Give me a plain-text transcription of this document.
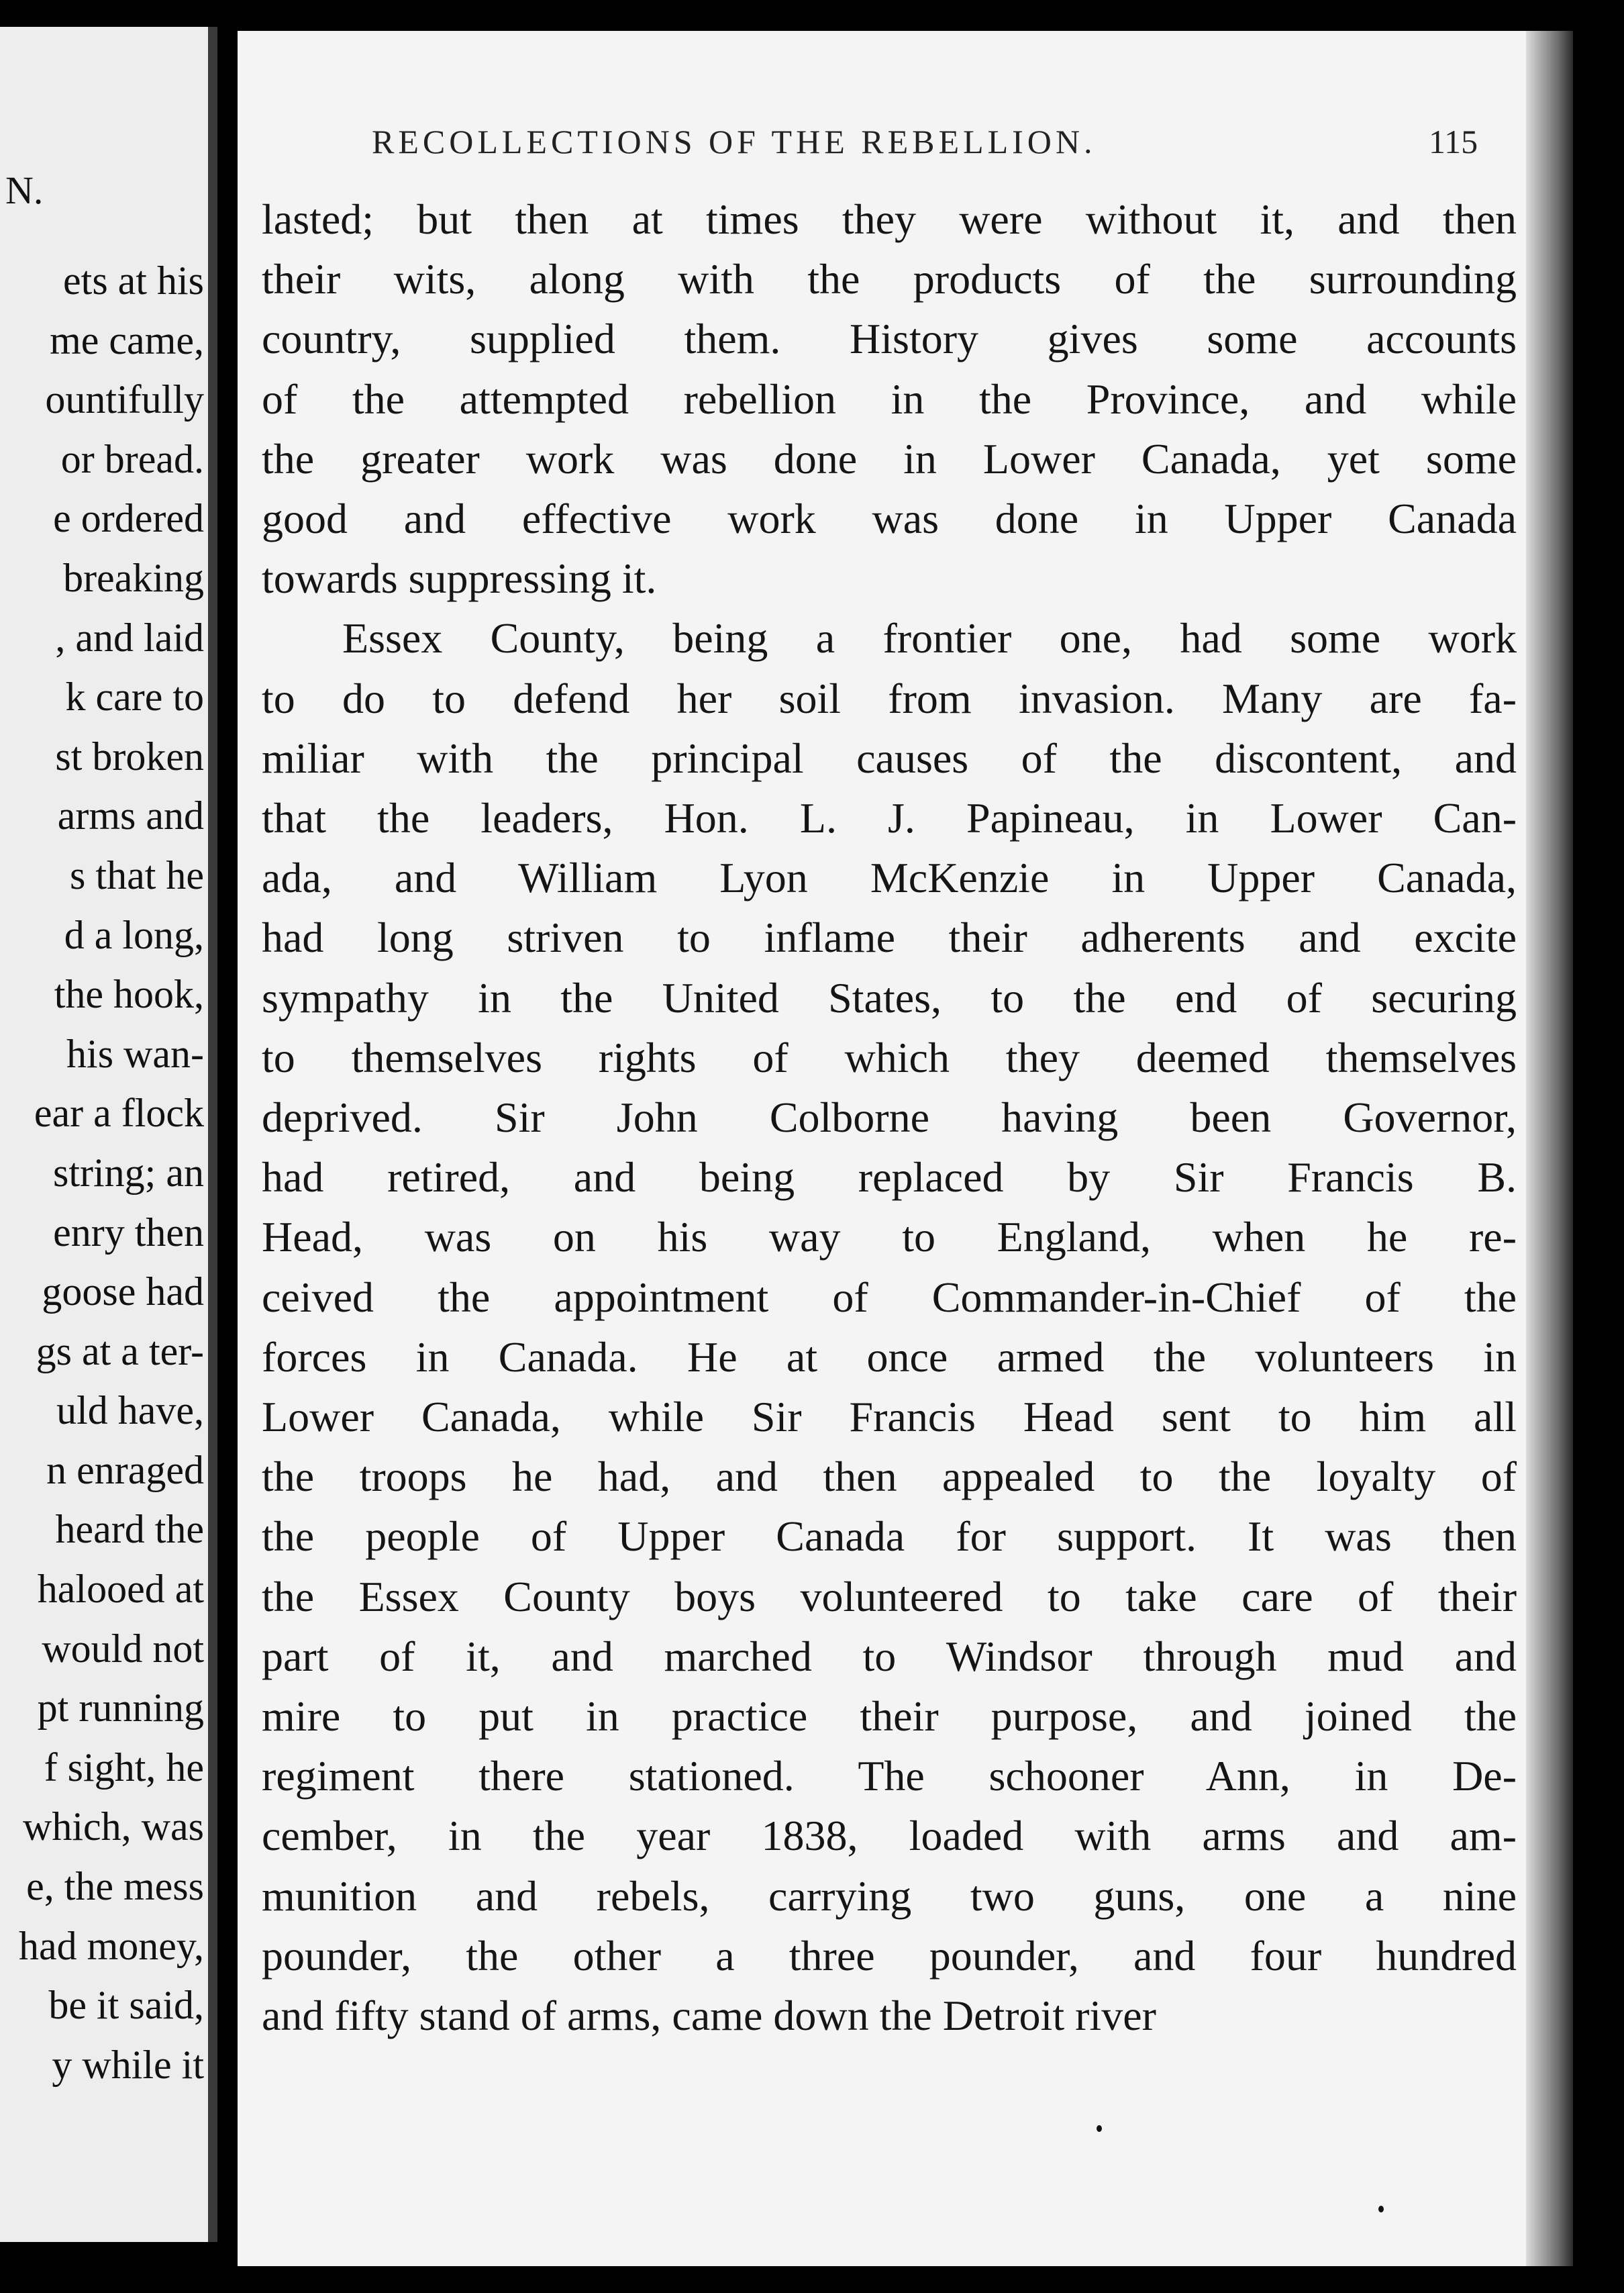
N.
ets at his
me came,
ountifully
or bread.
e ordered
breaking
, and laid
k care to
st broken
arms and
s that he
d a long,
the hook,
his wan-
ear a flock
string; an
enry then
goose had
gs at a ter-
uld have,
n enraged
heard the
halooed at
would not
pt running
f sight, he
which, was
e, the mess
had money,
be it said,
y while it
RECOLLECTIONS OF THE REBELLION.	115
lasted; but then at times they were without it, and then
their wits, along with the products of the surrounding
country, supplied them. History gives some accounts
of the attempted rebellion in the Province, and while
the greater work was done in Lower Canada, yet some
good and effective work was done in Upper Canada
towards suppressing it.
Essex County, being a frontier one, had some work
to do to defend her soil from invasion. Many are fa-
miliar with the principal causes of the discontent, and
that the leaders, Hon. L. J. Papineau, in Lower Can-
ada, and William Lyon McKenzie in Upper Canada,
had long striven to inflame their adherents and excite
sympathy in the United States, to the end of securing
to themselves rights of which they deemed themselves
deprived. Sir John Colborne having been Governor,
had retired, and being replaced by Sir Francis B.
Head, was on his way to England, when he re-
ceived the appointment of Commander-in-Chief of the
forces in Canada. He at once armed the volunteers in
Lower Canada, while Sir Francis Head sent to him all
the troops he had, and then appealed to the loyalty of
the people of Upper Canada for support. It was then
the Essex County boys volunteered to take care of their
part of it, and marched to Windsor through mud and
mire to put in practice their purpose, and joined the
regiment there stationed. The schooner Ann, in De-
cember, in the year 1838, loaded with arms and am-
munition and rebels, carrying two guns, one a nine
pounder, the other a three pounder, and four hundred
and fifty stand of arms, came down the Detroit river
